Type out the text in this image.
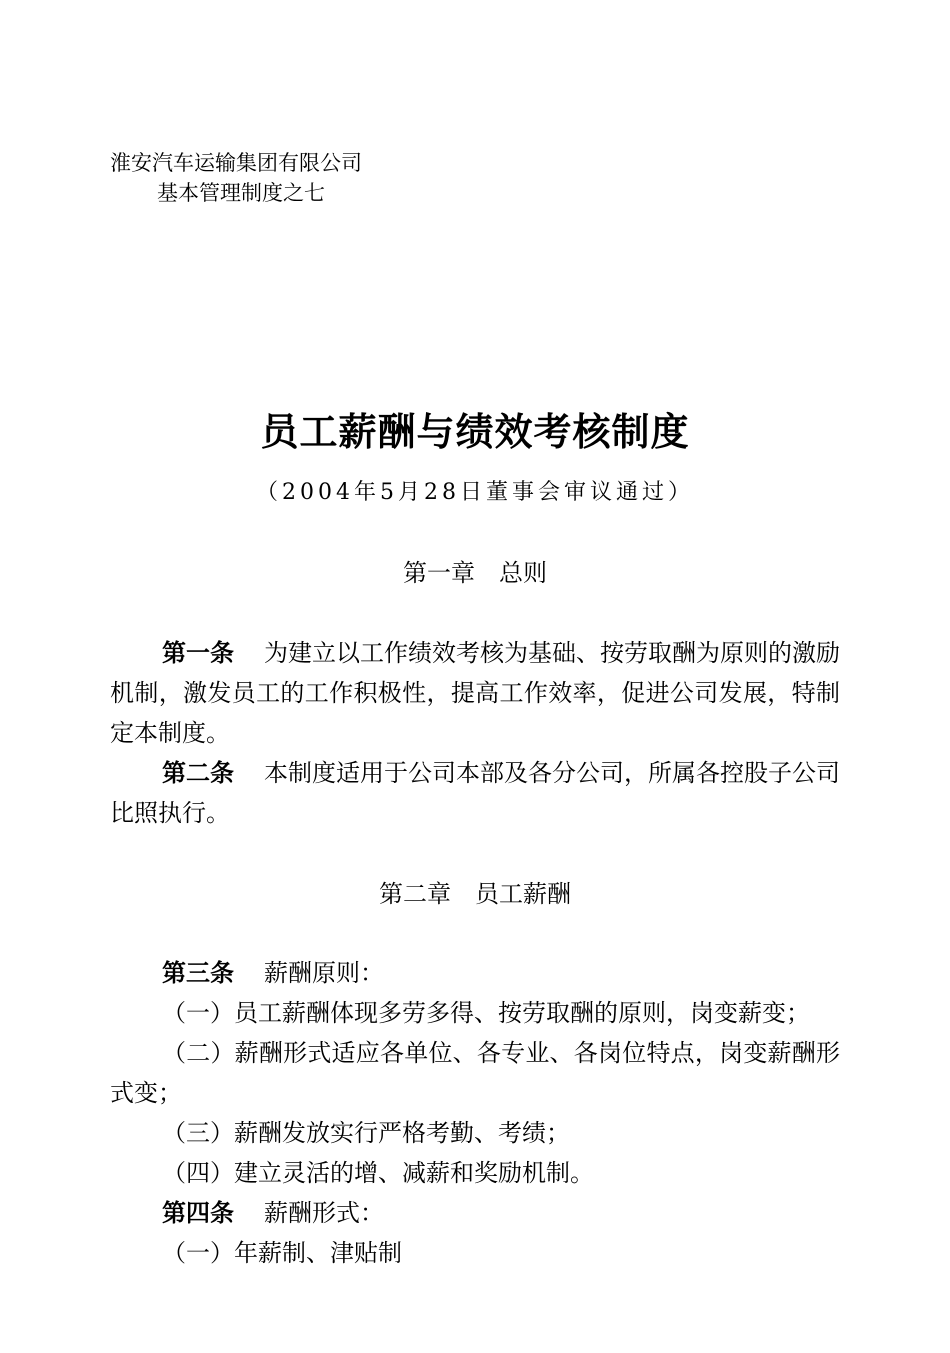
淮安汽车运输集团有限公司
基本管理制度之七
员工薪酬与绩效考核制度
（2004年5月28日董事会审议通过）
第一章　总则

第一条 为建立以工作绩效考核为基础、按劳取酬为原则的激励机制，激发员工的工作积极性，提高工作效率，促进公司发展，特制定本制度。

第二条 本制度适用于公司本部及各分公司，所属各控股子公司比照执行。

第二章　员工薪酬

第三条 薪酬原则：

（一）员工薪酬体现多劳多得、按劳取酬的原则，岗变薪变；

（二）薪酬形式适应各单位、各专业、各岗位特点，岗变薪酬形式变；

（三）薪酬发放实行严格考勤、考绩；

（四）建立灵活的增、减薪和奖励机制。

第四条 薪酬形式：

（一）年薪制、津贴制
